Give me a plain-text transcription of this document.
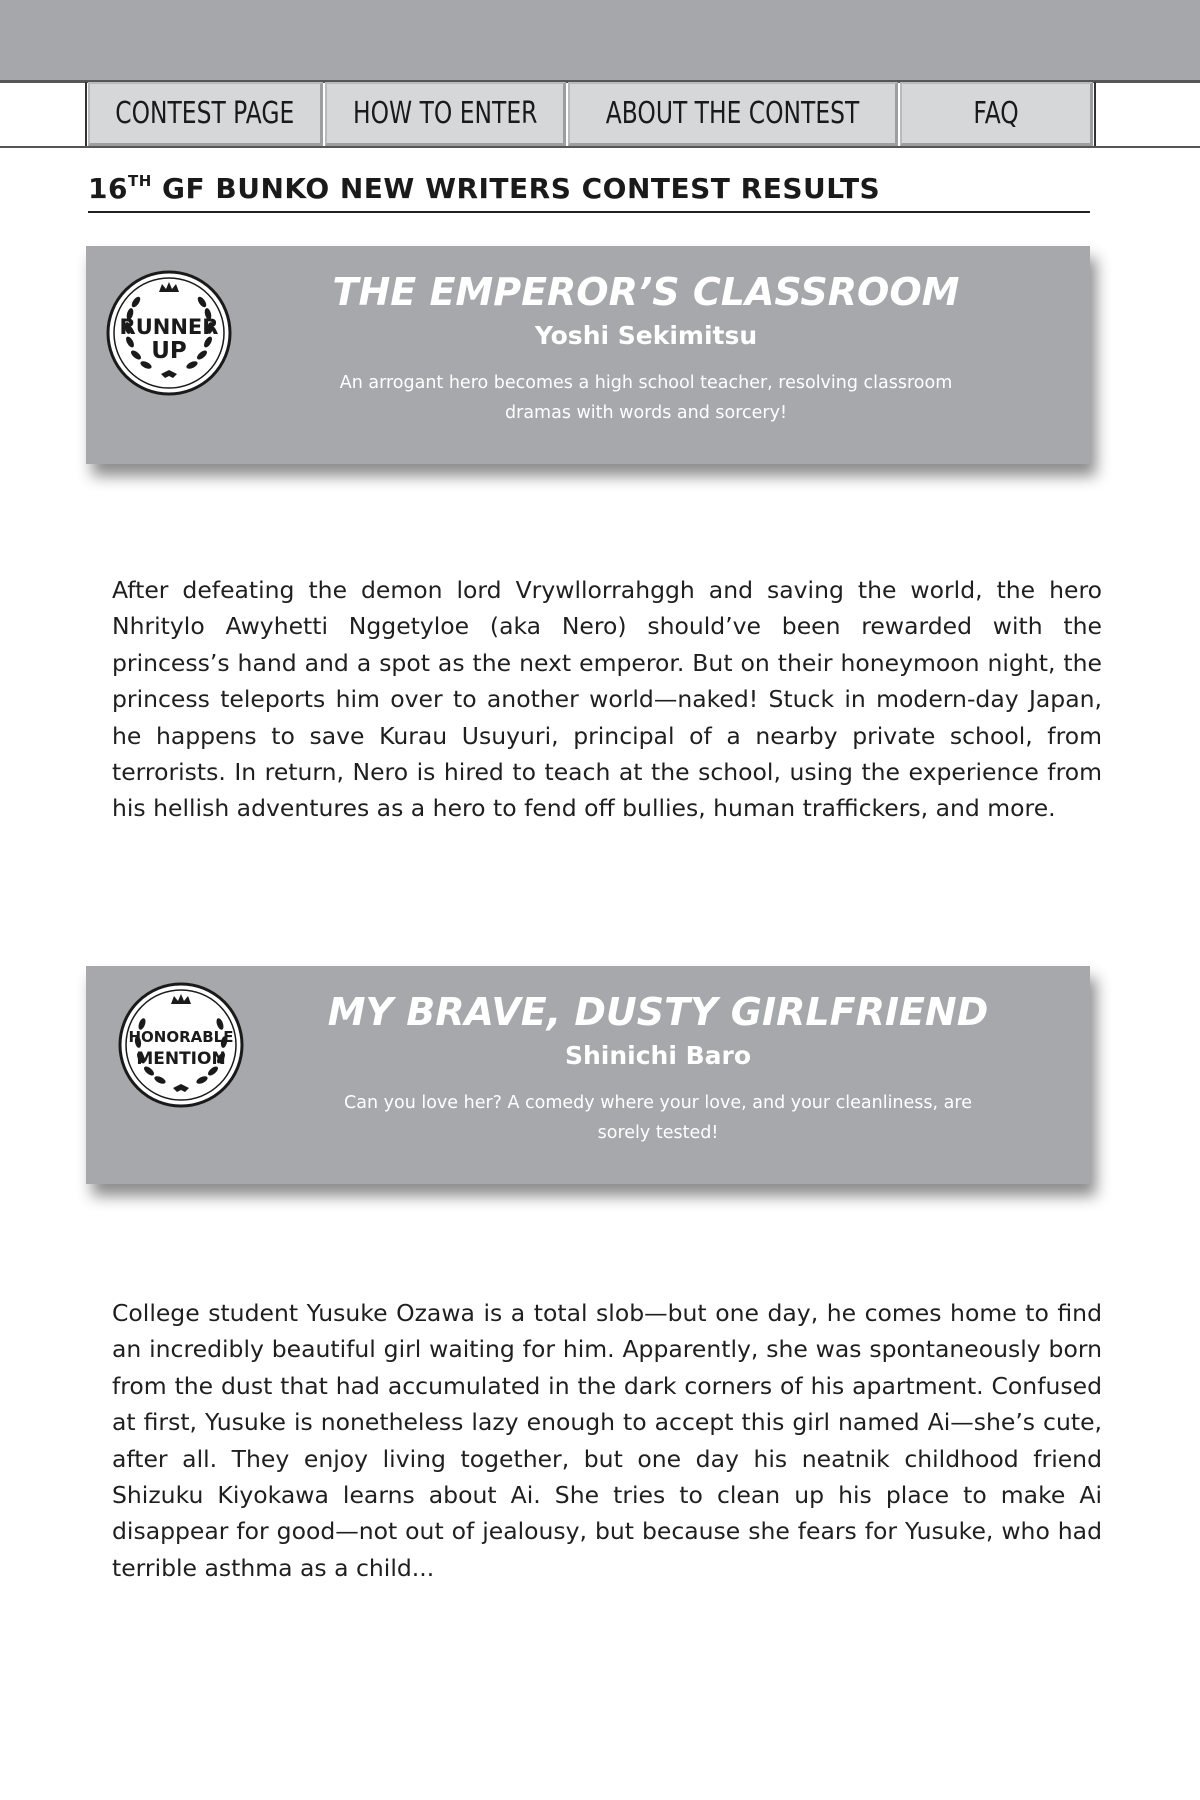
CONTEST PAGE HOW TO ENTER ABOUT THE CONTEST	FAQ
16TH GF BUNKO NEW WRITERS CONTEST RESULTS
RUNNER
UP
THE EMPEROR’S CLASSROOM
Yoshi Sekimitsu
An arrogant hero becomes a high school teacher, resolving classroom dramas with words and sorcery!

After defeating the demon lord Vrywllorrahggh and saving the world, the hero Nhritylo Awyhetti Nggetyloe (aka Nero) should’ve been rewarded with the princess’s hand and a spot as the next emperor. But on their honeymoon night, the princess teleports him over to another world—naked! Stuck in modern-day Japan, he happens to save Kurau Usuyuri, principal of a nearby private school, from terrorists. In return, Nero is hired to teach at the school, using the experience from his hellish adventures as a hero to fend off bullies, human traffickers, and more.

HONORABLE
MENTION
MY BRAVE, DUSTY GIRLFRIEND
Shinichi Baro
Can you love her? A comedy where your love, and your cleanliness, are sorely tested!

College student Yusuke Ozawa is a total slob—but one day, he comes home to find an incredibly beautiful girl waiting for him. Apparently, she was spontaneously born from the dust that had accumulated in the dark corners of his apartment. Confused at first, Yusuke is nonetheless lazy enough to accept this girl named Ai—she’s cute, after all. They enjoy living together, but one day his neatnik childhood friend Shizuku Kiyokawa learns about Ai. She tries to clean up his place to make Ai disappear for good—not out of jealousy, but because she fears for Yusuke, who had terrible asthma as a child...
